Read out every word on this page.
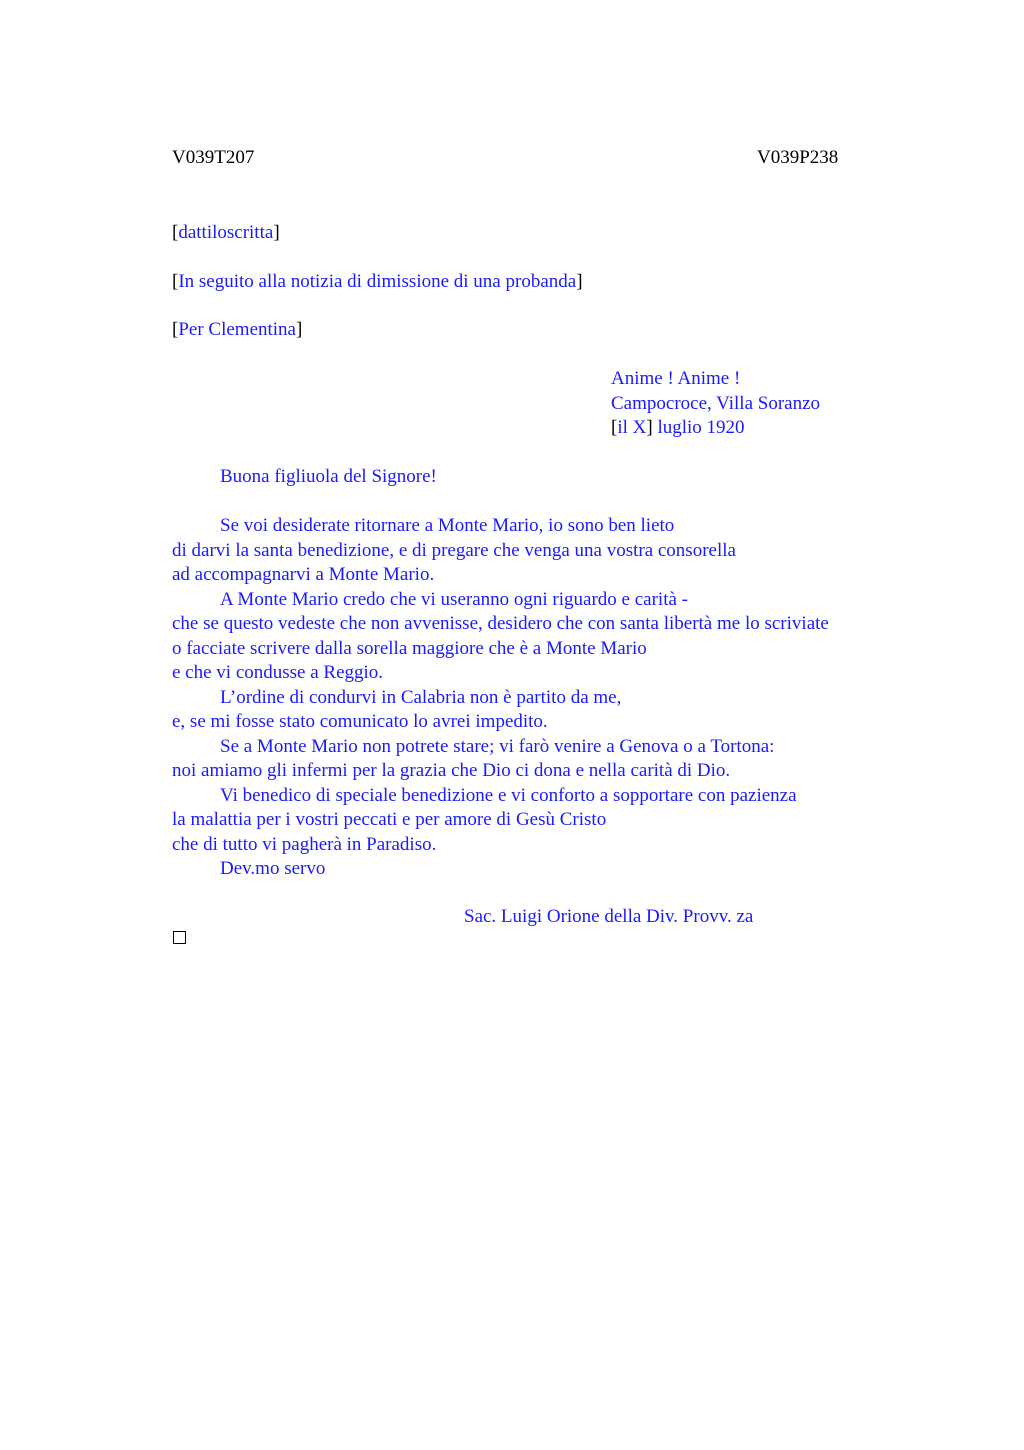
V039T207	V039P238
[dattiloscritta]
[In seguito alla notizia di dimissione di una probanda]
[Per Clementina]
Anime ! Anime !
Campocroce, Villa Soranzo
[il X] luglio 1920
Buona figliuola del Signore!
Se voi desiderate ritornare a Monte Mario, io sono ben lieto
di darvi la santa benedizione, e di pregare che venga una vostra consorella
ad accompagnarvi a Monte Mario.
A Monte Mario credo che vi useranno ogni riguardo e carità -
che se questo vedeste che non avvenisse, desidero che con santa libertà me lo scriviate
o facciate scrivere dalla sorella maggiore che è a Monte Mario
e che vi condusse a Reggio.
L’ordine di condurvi in Calabria non è partito da me,
e, se mi fosse stato comunicato lo avrei impedito.
Se a Monte Mario non potrete stare; vi farò venire a Genova o a Tortona:
noi amiamo gli infermi per la grazia che Dio ci dona e nella carità di Dio.
Vi benedico di speciale benedizione e vi conforto a sopportare con pazienza
la malattia per i vostri peccati e per amore di Gesù Cristo
che di tutto vi pagherà in Paradiso.
Dev.mo servo
Sac. Luigi Orione della Div. Provv. za
